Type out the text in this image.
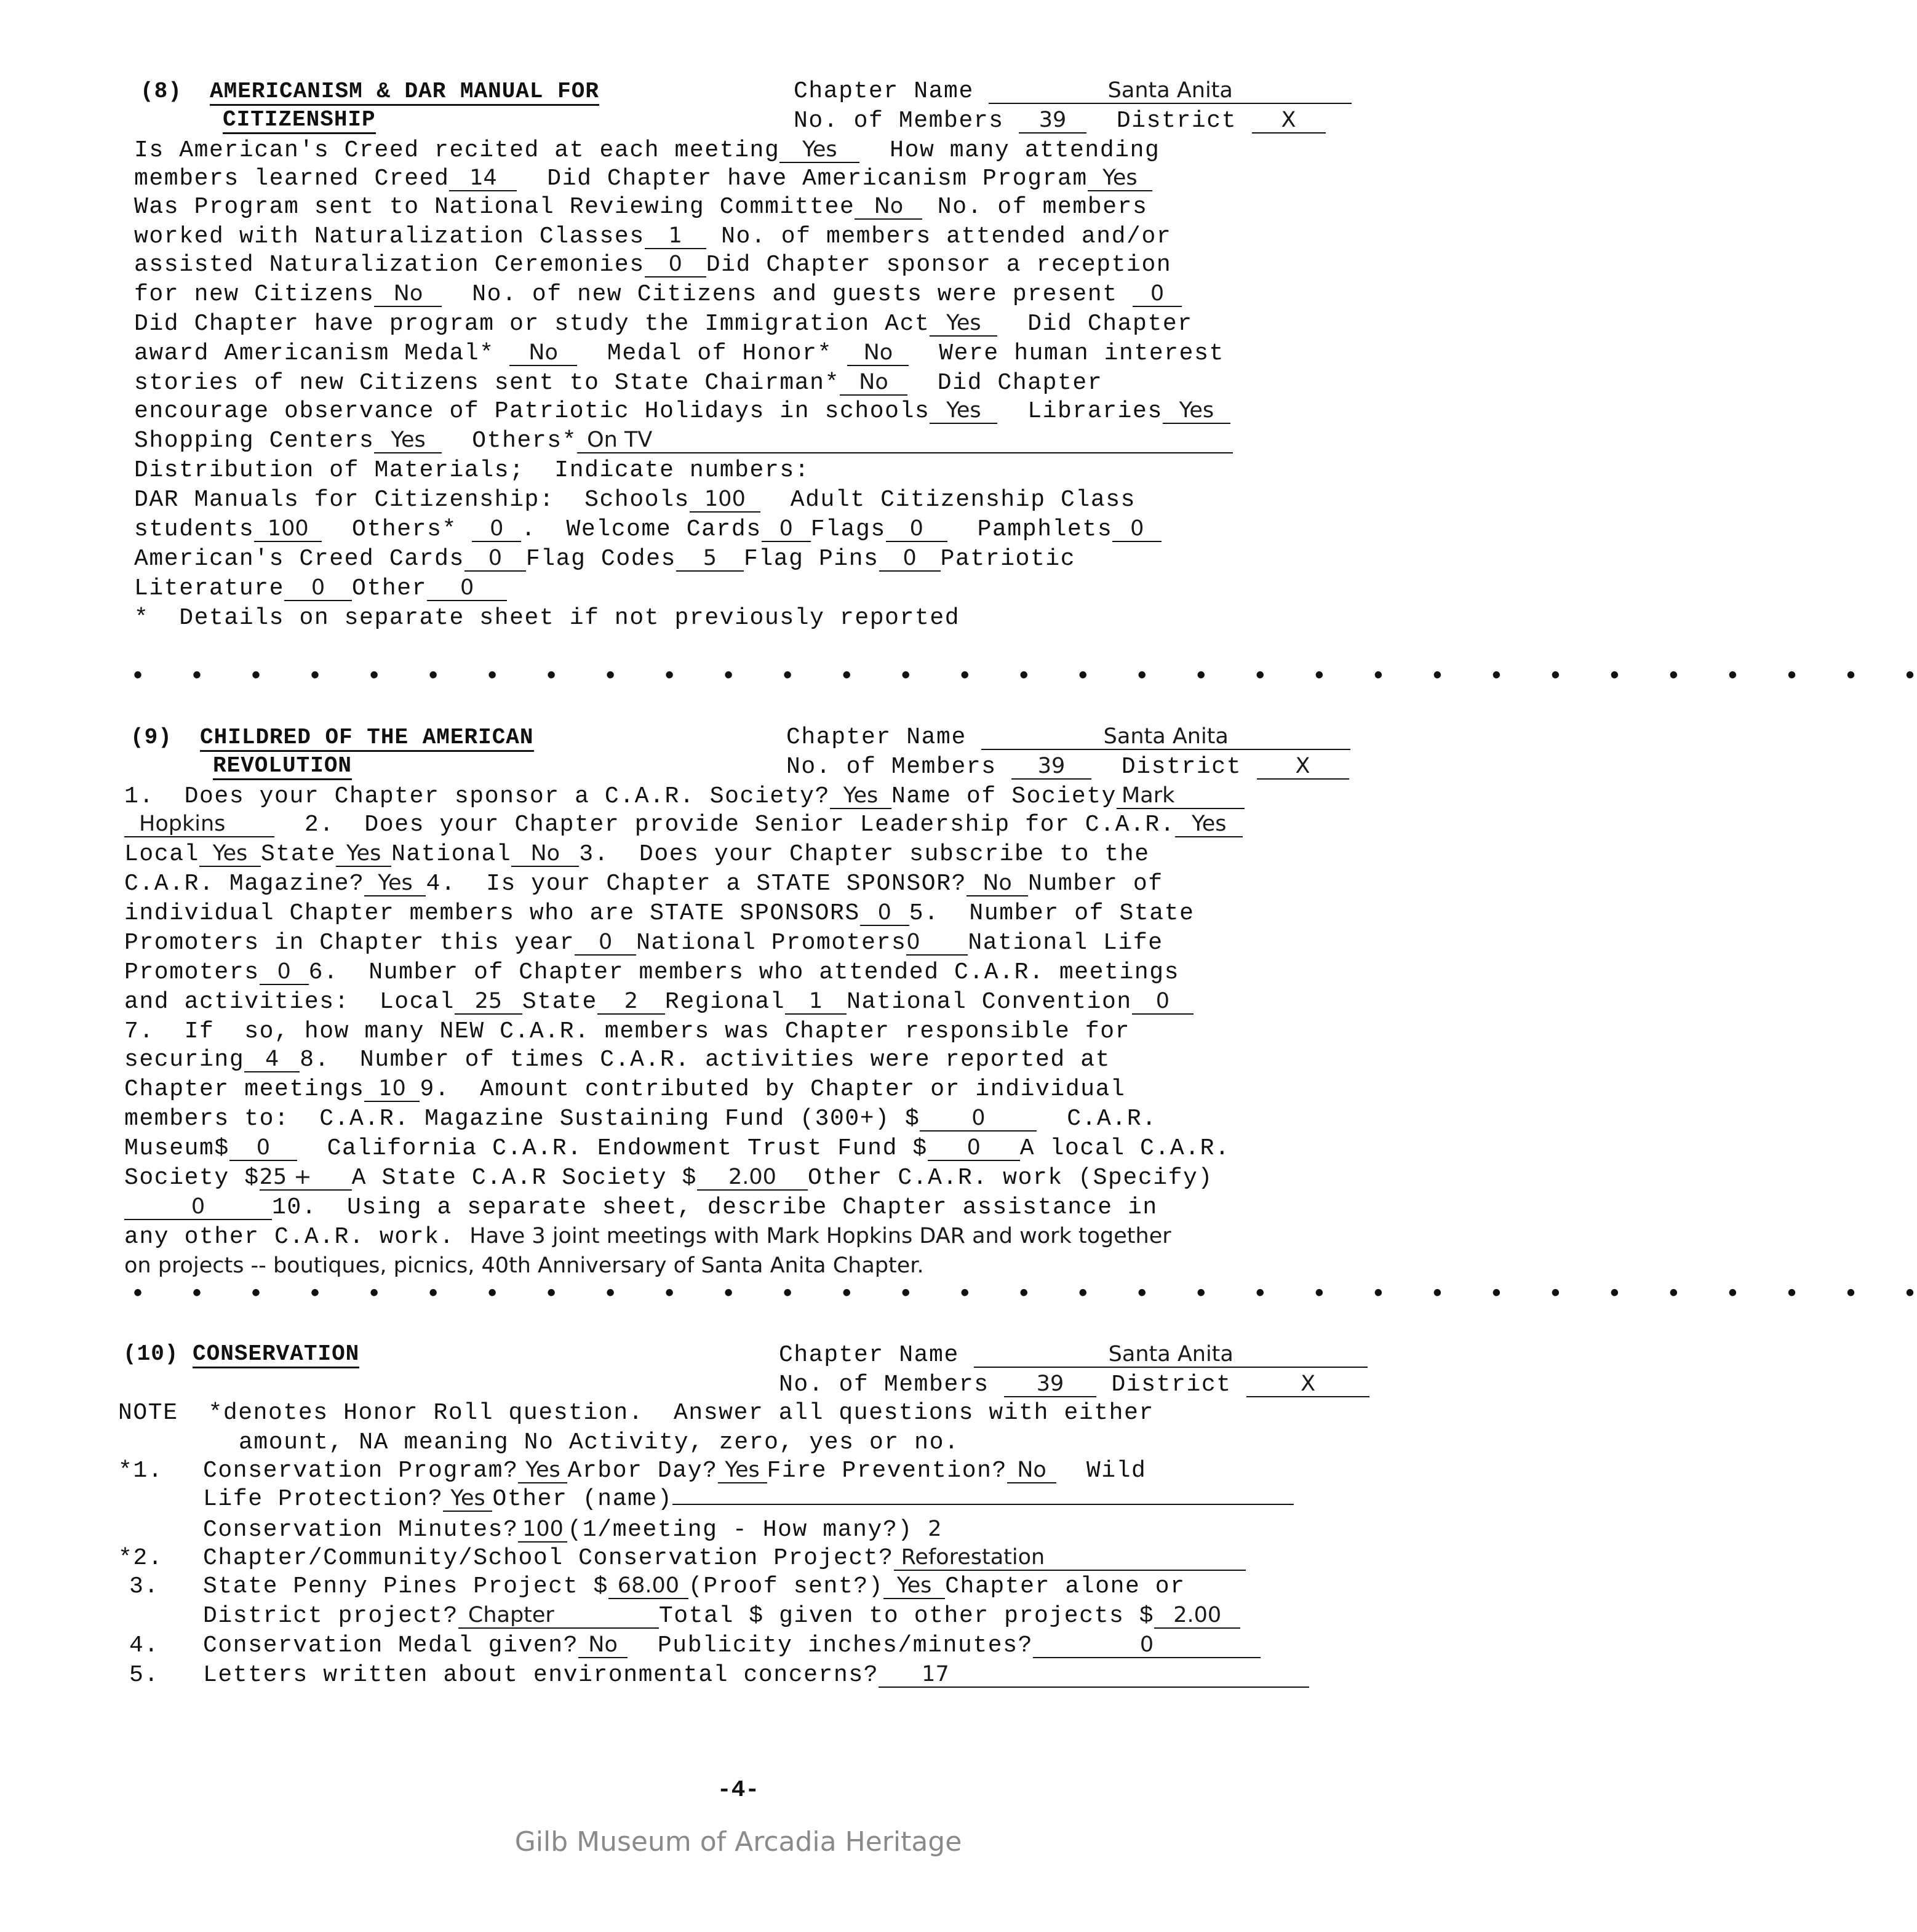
(8) AMERICANISM & DAR MANUAL FOR
CITIZENSHIP
Chapter Name	Santa Anita
No. of Members 39 District X
Is American's Creed recited at each meeting Yes How many attending
members learned Creed 14 Did Chapter have Americanism Program Yes
Was Program sent to National Reviewing Committee No No. of members
worked with Naturalization Classes 1 No. of members attended and/or
assisted Naturalization Ceremonies 0 Did Chapter sponsor a reception
for new Citizens No No. of new Citizens and guests were present 0
Did Chapter have program or study the Immigration Act Yes Did Chapter
award Americanism Medal* No Medal of Honor* No Were human interest
stories of new Citizens sent to State Chairman* No Did Chapter
encourage observance of Patriotic Holidays in schools Yes Libraries Yes
Shopping Centers Yes Others* On TV
Distribution of Materials;  Indicate numbers:
DAR Manuals for Citizenship:  Schools 100 Adult Citizenship Class
students 100 Others* 0 .  Welcome Cards 0 Flags 0 Pamphlets 0
American's Creed Cards 0 Flag Codes 5 Flag Pins 0 Patriotic
Literature 0 Other 0
*  Details on separate sheet if not previously reported
•   •   •   •   •   •   •   •   •   •   •   •   •   •   •   •   •   •   •   •   •   •   •   •   •   •   •   •   •   •   •
(9) CHILDRED OF THE AMERICAN
REVOLUTION
Chapter Name	Santa Anita
No. of Members 39 District X
1.  Does your Chapter sponsor a C.A.R. Society? Yes Name of Society Mark
Hopkins	2.  Does your Chapter provide Senior Leadership for C.A.R. Yes
Local Yes State Yes National No 3.  Does your Chapter subscribe to the
C.A.R. Magazine? Yes 4.  Is your Chapter a STATE SPONSOR? No Number of
individual Chapter members who are STATE SPONSORS 0 5.  Number of State
Promoters in Chapter this year 0 National Promoters0 National Life
Promoters 0 6.  Number of Chapter members who attended C.A.R. meetings
and activities:  Local 25 State 2 Regional 1 National Convention 0
7.  If  so, how many NEW C.A.R. members was Chapter responsible for
securing 4 8.  Number of times C.A.R. activities were reported at
Chapter meetings 10 9.  Amount contributed by Chapter or individual
members to:  C.A.R. Magazine Sustaining Fund (300+) $ 0	C.A.R.
Museum$ 0 California C.A.R. Endowment Trust Fund $ 0 A local C.A.R.
Society $25 + A State C.A.R Society $ 2.00 Other C.A.R. work (Specify)
0	10.  Using a separate sheet, describe Chapter assistance in
any other C.A.R. work. Have 3 joint meetings with Mark Hopkins DAR and work together
on projects -- boutiques, picnics, 40th Anniversary of Santa Anita Chapter.
•   •   •   •   •   •   •   •   •   •   •   •   •   •   •   •   •   •   •   •   •   •   •   •   •   •   •   •   •   •   •
(10) CONSERVATION	Chapter Name	Santa Anita
No. of Members 39 District	X
NOTE *denotes Honor Roll question.  Answer all questions with either
amount, NA meaning No Activity, zero, yes or no.
*1. Conservation Program? Yes Arbor Day? Yes Fire Prevention? No Wild
Life Protection? Yes Other (name)
Conservation Minutes? 100 (1/meeting - How many?) 2
*2. Chapter/Community/School Conservation Project? Reforestation
3. State Penny Pines Project $ 68.00 (Proof sent?) Yes Chapter alone or
District project? Chapter	Total $ given to other projects $ 2.00
4. Conservation Medal given? No Publicity inches/minutes?	0
5. Letters written about environmental concerns? 17
-4-
Gilb Museum of Arcadia Heritage
